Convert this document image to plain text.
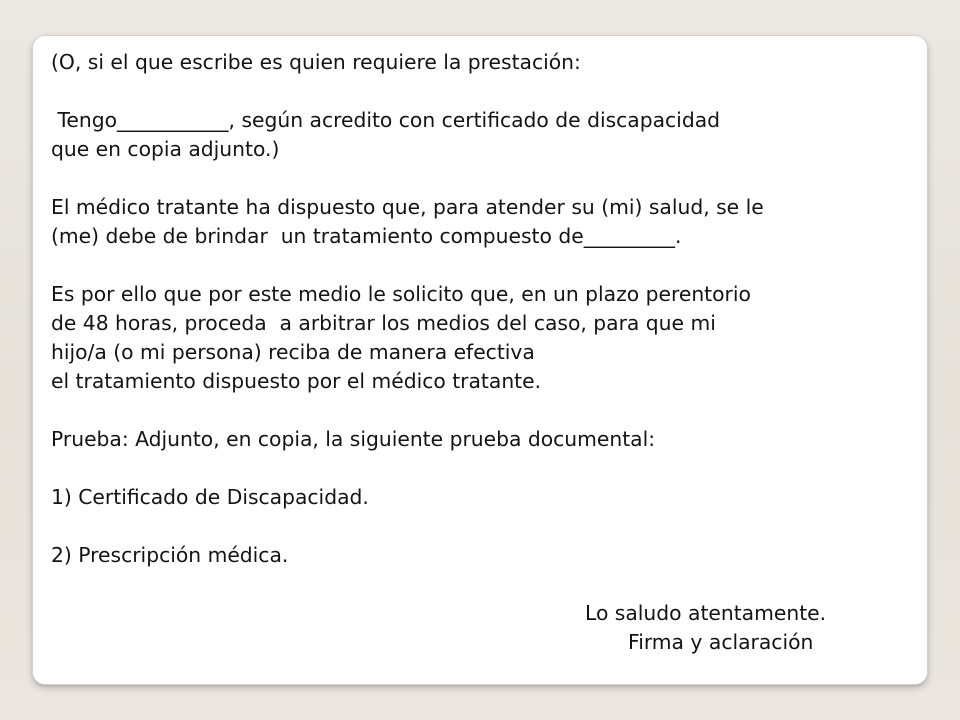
(O, si el que escribe es quien requiere la prestación:
Tengo___________, según acredito con certificado de discapacidad
que en copia adjunto.)
El médico tratante ha dispuesto que, para atender su (mi) salud, se le
(me) debe de brindar  un tratamiento compuesto de_________.
Es por ello que por este medio le solicito que, en un plazo perentorio
de 48 horas, proceda  a arbitrar los medios del caso, para que mi
hijo/a (o mi persona) reciba de manera efectiva
el tratamiento dispuesto por el médico tratante.
Prueba: Adjunto, en copia, la siguiente prueba documental:
1) Certificado de Discapacidad.
2) Prescripción médica.
Lo saludo atentamente.
Firma y aclaración
